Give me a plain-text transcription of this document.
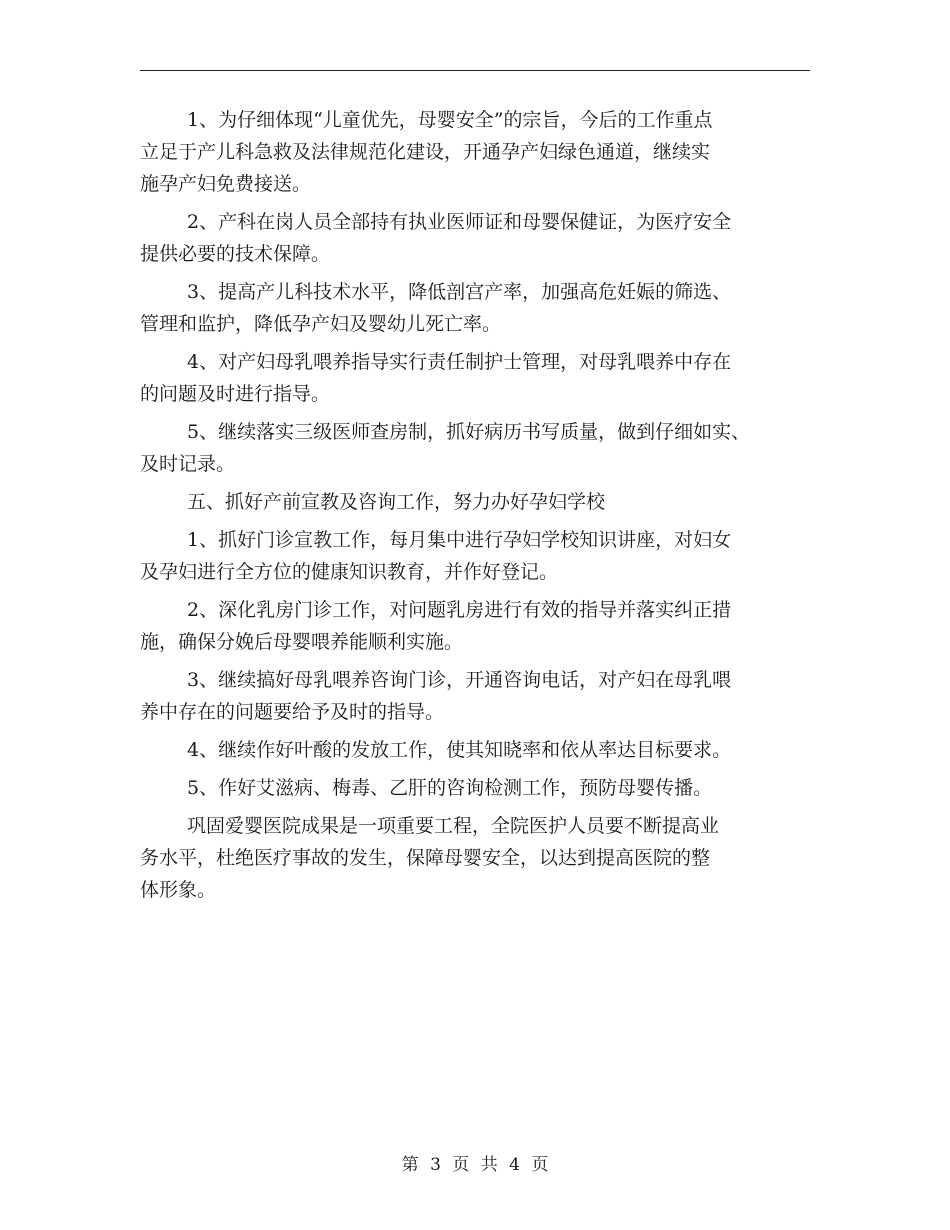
1、为仔细体现“儿童优先，母婴安全”的宗旨，今后的工作重点
立足于产儿科急救及法律规范化建设，开通孕产妇绿色通道，继续实
施孕产妇免费接送。
2、产科在岗人员全部持有执业医师证和母婴保健证，为医疗安全
提供必要的技术保障。
3、提高产儿科技术水平，降低剖宫产率，加强高危妊娠的筛选、
管理和监护，降低孕产妇及婴幼儿死亡率。
4、对产妇母乳喂养指导实行责任制护士管理，对母乳喂养中存在
的问题及时进行指导。
5、继续落实三级医师查房制，抓好病历书写质量，做到仔细如实、
及时记录。
五、抓好产前宣教及咨询工作，努力办好孕妇学校
1、抓好门诊宣教工作，每月集中进行孕妇学校知识讲座，对妇女
及孕妇进行全方位的健康知识教育，并作好登记。
2、深化乳房门诊工作，对问题乳房进行有效的指导并落实纠正措
施，确保分娩后母婴喂养能顺利实施。
3、继续搞好母乳喂养咨询门诊，开通咨询电话，对产妇在母乳喂
养中存在的问题要给予及时的指导。
4、继续作好叶酸的发放工作，使其知晓率和依从率达目标要求。
5、作好艾滋病、梅毒、乙肝的咨询检测工作，预防母婴传播。
巩固爱婴医院成果是一项重要工程，全院医护人员要不断提高业
务水平，杜绝医疗事故的发生，保障母婴安全，以达到提高医院的整
体形象。
第 3 页 共 4 页
